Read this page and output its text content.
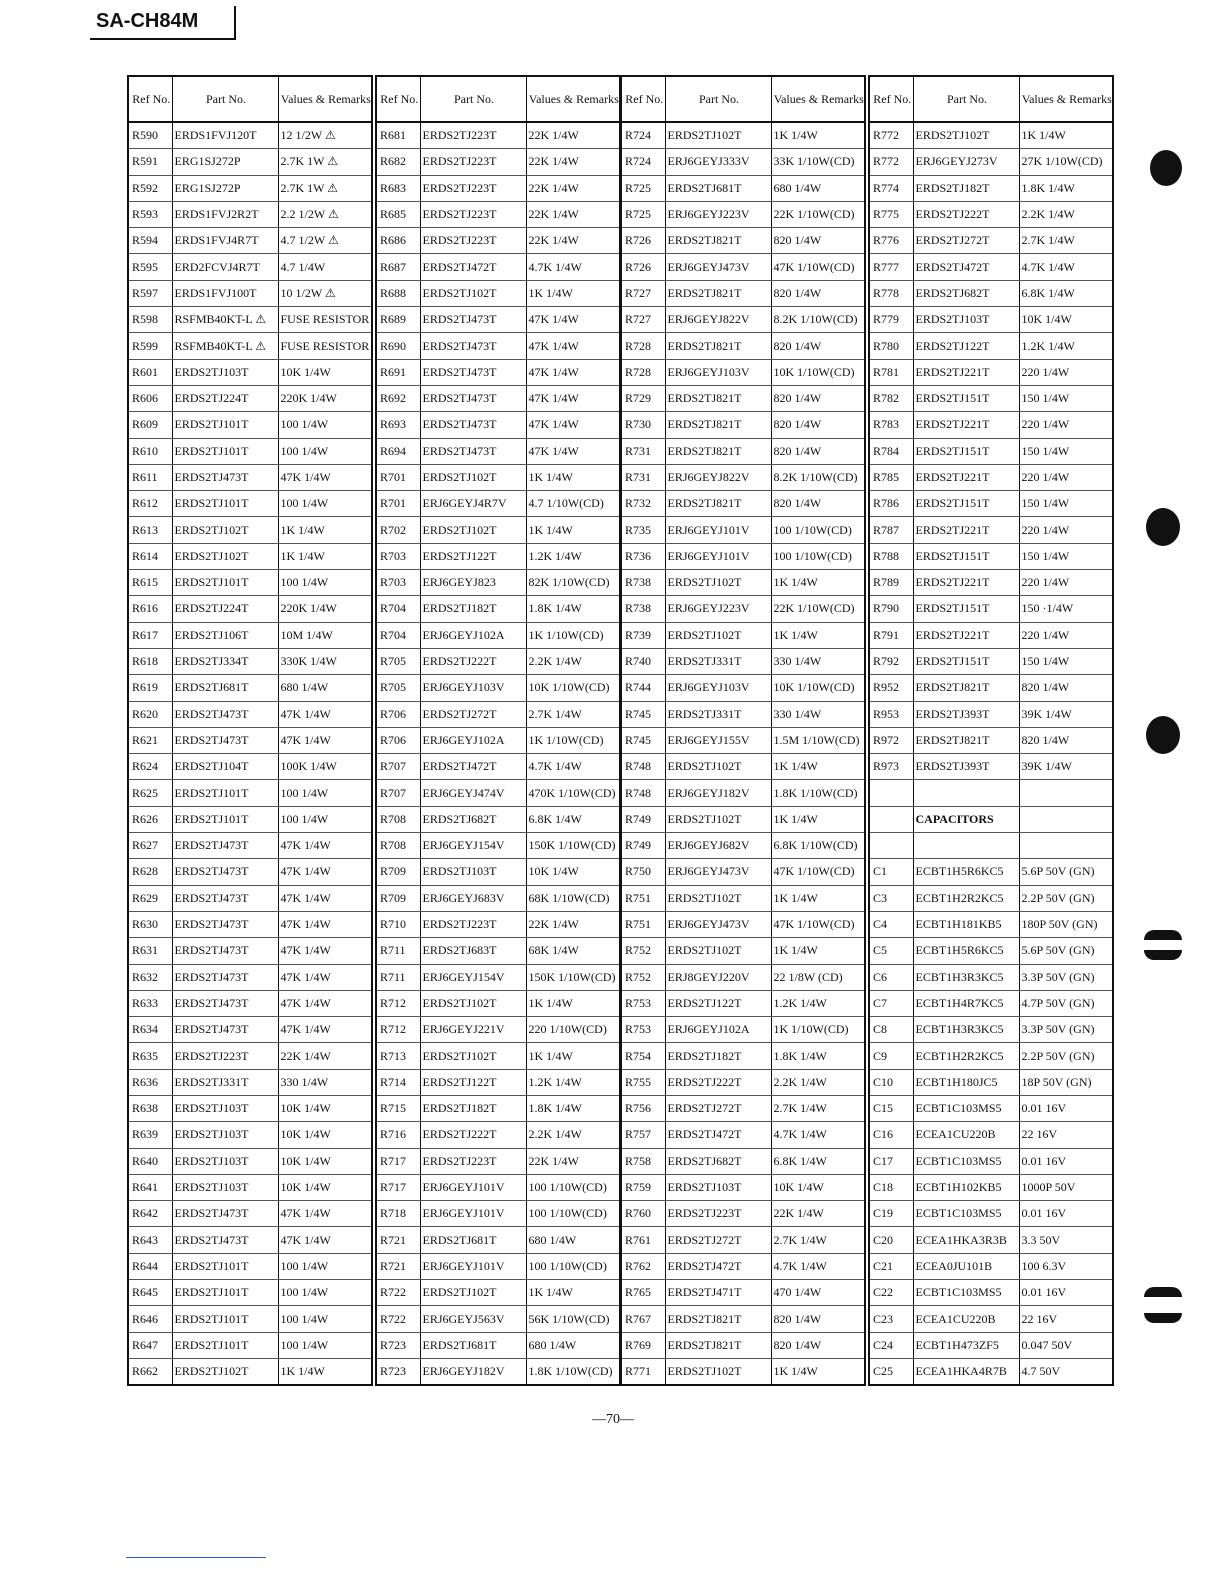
SA-CH84M
Ref No.	Part No.	Values & Remarks
R590	ERDS1FVJ120T	12 1/2W ⚠
R591	ERG1SJ272P	2.7K 1W ⚠
R592	ERG1SJ272P	2.7K 1W ⚠
R593	ERDS1FVJ2R2T	2.2 1/2W ⚠
R594	ERDS1FVJ4R7T	4.7 1/2W ⚠
R595	ERD2FCVJ4R7T	4.7 1/4W
R597	ERDS1FVJ100T	10 1/2W ⚠
R598	RSFMB40KT-L ⚠	FUSE RESISTOR
R599	RSFMB40KT-L ⚠	FUSE RESISTOR
R601	ERDS2TJ103T	10K 1/4W
R606	ERDS2TJ224T	220K 1/4W
R609	ERDS2TJ101T	100 1/4W
R610	ERDS2TJ101T	100 1/4W
R611	ERDS2TJ473T	47K 1/4W
R612	ERDS2TJ101T	100 1/4W
R613	ERDS2TJ102T	1K 1/4W
R614	ERDS2TJ102T	1K 1/4W
R615	ERDS2TJ101T	100 1/4W
R616	ERDS2TJ224T	220K 1/4W
R617	ERDS2TJ106T	10M 1/4W
R618	ERDS2TJ334T	330K 1/4W
R619	ERDS2TJ681T	680 1/4W
R620	ERDS2TJ473T	47K 1/4W
R621	ERDS2TJ473T	47K 1/4W
R624	ERDS2TJ104T	100K 1/4W
R625	ERDS2TJ101T	100 1/4W
R626	ERDS2TJ101T	100 1/4W
R627	ERDS2TJ473T	47K 1/4W
R628	ERDS2TJ473T	47K 1/4W
R629	ERDS2TJ473T	47K 1/4W
R630	ERDS2TJ473T	47K 1/4W
R631	ERDS2TJ473T	47K 1/4W
R632	ERDS2TJ473T	47K 1/4W
R633	ERDS2TJ473T	47K 1/4W
R634	ERDS2TJ473T	47K 1/4W
R635	ERDS2TJ223T	22K 1/4W
R636	ERDS2TJ331T	330 1/4W
R638	ERDS2TJ103T	10K 1/4W
R639	ERDS2TJ103T	10K 1/4W
R640	ERDS2TJ103T	10K 1/4W
R641	ERDS2TJ103T	10K 1/4W
R642	ERDS2TJ473T	47K 1/4W
R643	ERDS2TJ473T	47K 1/4W
R644	ERDS2TJ101T	100 1/4W
R645	ERDS2TJ101T	100 1/4W
R646	ERDS2TJ101T	100 1/4W
R647	ERDS2TJ101T	100 1/4W
R662	ERDS2TJ102T	1K 1/4W
Ref No.	Part No.	Values & Remarks
R681	ERDS2TJ223T	22K 1/4W
R682	ERDS2TJ223T	22K 1/4W
R683	ERDS2TJ223T	22K 1/4W
R685	ERDS2TJ223T	22K 1/4W
R686	ERDS2TJ223T	22K 1/4W
R687	ERDS2TJ472T	4.7K 1/4W
R688	ERDS2TJ102T	1K 1/4W
R689	ERDS2TJ473T	47K 1/4W
R690	ERDS2TJ473T	47K 1/4W
R691	ERDS2TJ473T	47K 1/4W
R692	ERDS2TJ473T	47K 1/4W
R693	ERDS2TJ473T	47K 1/4W
R694	ERDS2TJ473T	47K 1/4W
R701	ERDS2TJ102T	1K 1/4W
R701	ERJ6GEYJ4R7V	4.7 1/10W(CD)
R702	ERDS2TJ102T	1K 1/4W
R703	ERDS2TJ122T	1.2K 1/4W
R703	ERJ6GEYJ823	82K 1/10W(CD)
R704	ERDS2TJ182T	1.8K 1/4W
R704	ERJ6GEYJ102A	1K 1/10W(CD)
R705	ERDS2TJ222T	2.2K 1/4W
R705	ERJ6GEYJ103V	10K 1/10W(CD)
R706	ERDS2TJ272T	2.7K 1/4W
R706	ERJ6GEYJ102A	1K 1/10W(CD)
R707	ERDS2TJ472T	4.7K 1/4W
R707	ERJ6GEYJ474V	470K 1/10W(CD)
R708	ERDS2TJ682T	6.8K 1/4W
R708	ERJ6GEYJ154V	150K 1/10W(CD)
R709	ERDS2TJ103T	10K 1/4W
R709	ERJ6GEYJ683V	68K 1/10W(CD)
R710	ERDS2TJ223T	22K 1/4W
R711	ERDS2TJ683T	68K 1/4W
R711	ERJ6GEYJ154V	150K 1/10W(CD)
R712	ERDS2TJ102T	1K 1/4W
R712	ERJ6GEYJ221V	220 1/10W(CD)
R713	ERDS2TJ102T	1K 1/4W
R714	ERDS2TJ122T	1.2K 1/4W
R715	ERDS2TJ182T	1.8K 1/4W
R716	ERDS2TJ222T	2.2K 1/4W
R717	ERDS2TJ223T	22K 1/4W
R717	ERJ6GEYJ101V	100 1/10W(CD)
R718	ERJ6GEYJ101V	100 1/10W(CD)
R721	ERDS2TJ681T	680 1/4W
R721	ERJ6GEYJ101V	100 1/10W(CD)
R722	ERDS2TJ102T	1K 1/4W
R722	ERJ6GEYJ563V	56K 1/10W(CD)
R723	ERDS2TJ681T	680 1/4W
R723	ERJ6GEYJ182V	1.8K 1/10W(CD)
Ref No.	Part No.	Values & Remarks
R724	ERDS2TJ102T	1K 1/4W
R724	ERJ6GEYJ333V	33K 1/10W(CD)
R725	ERDS2TJ681T	680 1/4W
R725	ERJ6GEYJ223V	22K 1/10W(CD)
R726	ERDS2TJ821T	820 1/4W
R726	ERJ6GEYJ473V	47K 1/10W(CD)
R727	ERDS2TJ821T	820 1/4W
R727	ERJ6GEYJ822V	8.2K 1/10W(CD)
R728	ERDS2TJ821T	820 1/4W
R728	ERJ6GEYJ103V	10K 1/10W(CD)
R729	ERDS2TJ821T	820 1/4W
R730	ERDS2TJ821T	820 1/4W
R731	ERDS2TJ821T	820 1/4W
R731	ERJ6GEYJ822V	8.2K 1/10W(CD)
R732	ERDS2TJ821T	820 1/4W
R735	ERJ6GEYJ101V	100 1/10W(CD)
R736	ERJ6GEYJ101V	100 1/10W(CD)
R738	ERDS2TJ102T	1K 1/4W
R738	ERJ6GEYJ223V	22K 1/10W(CD)
R739	ERDS2TJ102T	1K 1/4W
R740	ERDS2TJ331T	330 1/4W
R744	ERJ6GEYJ103V	10K 1/10W(CD)
R745	ERDS2TJ331T	330 1/4W
R745	ERJ6GEYJ155V	1.5M 1/10W(CD)
R748	ERDS2TJ102T	1K 1/4W
R748	ERJ6GEYJ182V	1.8K 1/10W(CD)
R749	ERDS2TJ102T	1K 1/4W
R749	ERJ6GEYJ682V	6.8K 1/10W(CD)
R750	ERJ6GEYJ473V	47K 1/10W(CD)
R751	ERDS2TJ102T	1K 1/4W
R751	ERJ6GEYJ473V	47K 1/10W(CD)
R752	ERDS2TJ102T	1K 1/4W
R752	ERJ8GEYJ220V	22 1/8W (CD)
R753	ERDS2TJ122T	1.2K 1/4W
R753	ERJ6GEYJ102A	1K 1/10W(CD)
R754	ERDS2TJ182T	1.8K 1/4W
R755	ERDS2TJ222T	2.2K 1/4W
R756	ERDS2TJ272T	2.7K 1/4W
R757	ERDS2TJ472T	4.7K 1/4W
R758	ERDS2TJ682T	6.8K 1/4W
R759	ERDS2TJ103T	10K 1/4W
R760	ERDS2TJ223T	22K 1/4W
R761	ERDS2TJ272T	2.7K 1/4W
R762	ERDS2TJ472T	4.7K 1/4W
R765	ERDS2TJ471T	470 1/4W
R767	ERDS2TJ821T	820 1/4W
R769	ERDS2TJ821T	820 1/4W
R771	ERDS2TJ102T	1K 1/4W
Ref No.	Part No.	Values & Remarks
R772	ERDS2TJ102T	1K 1/4W
R772	ERJ6GEYJ273V	27K 1/10W(CD)
R774	ERDS2TJ182T	1.8K 1/4W
R775	ERDS2TJ222T	2.2K 1/4W
R776	ERDS2TJ272T	2.7K 1/4W
R777	ERDS2TJ472T	4.7K 1/4W
R778	ERDS2TJ682T	6.8K 1/4W
R779	ERDS2TJ103T	10K 1/4W
R780	ERDS2TJ122T	1.2K 1/4W
R781	ERDS2TJ221T	220 1/4W
R782	ERDS2TJ151T	150 1/4W
R783	ERDS2TJ221T	220 1/4W
R784	ERDS2TJ151T	150 1/4W
R785	ERDS2TJ221T	220 1/4W
R786	ERDS2TJ151T	150 1/4W
R787	ERDS2TJ221T	220 1/4W
R788	ERDS2TJ151T	150 1/4W
R789	ERDS2TJ221T	220 1/4W
R790	ERDS2TJ151T	150 ·1/4W
R791	ERDS2TJ221T	220 1/4W
R792	ERDS2TJ151T	150 1/4W
R952	ERDS2TJ821T	820 1/4W
R953	ERDS2TJ393T	39K 1/4W
R972	ERDS2TJ821T	820 1/4W
R973	ERDS2TJ393T	39K 1/4W

	CAPACITORS	

C1	ECBT1H5R6KC5	5.6P 50V (GN)
C3	ECBT1H2R2KC5	2.2P 50V (GN)
C4	ECBT1H181KB5	180P 50V (GN)
C5	ECBT1H5R6KC5	5.6P 50V (GN)
C6	ECBT1H3R3KC5	3.3P 50V (GN)
C7	ECBT1H4R7KC5	4.7P 50V (GN)
C8	ECBT1H3R3KC5	3.3P 50V (GN)
C9	ECBT1H2R2KC5	2.2P 50V (GN)
C10	ECBT1H180JC5	18P 50V (GN)
C15	ECBT1C103MS5	0.01 16V
C16	ECEA1CU220B	22 16V
C17	ECBT1C103MS5	0.01 16V
C18	ECBT1H102KB5	1000P 50V
C19	ECBT1C103MS5	0.01 16V
C20	ECEA1HKA3R3B	3.3 50V
C21	ECEA0JU101B	100 6.3V
C22	ECBT1C103MS5	0.01 16V
C23	ECEA1CU220B	22 16V
C24	ECBT1H473ZF5	0.047 50V
C25	ECEA1HKA4R7B	4.7 50V
—70—
